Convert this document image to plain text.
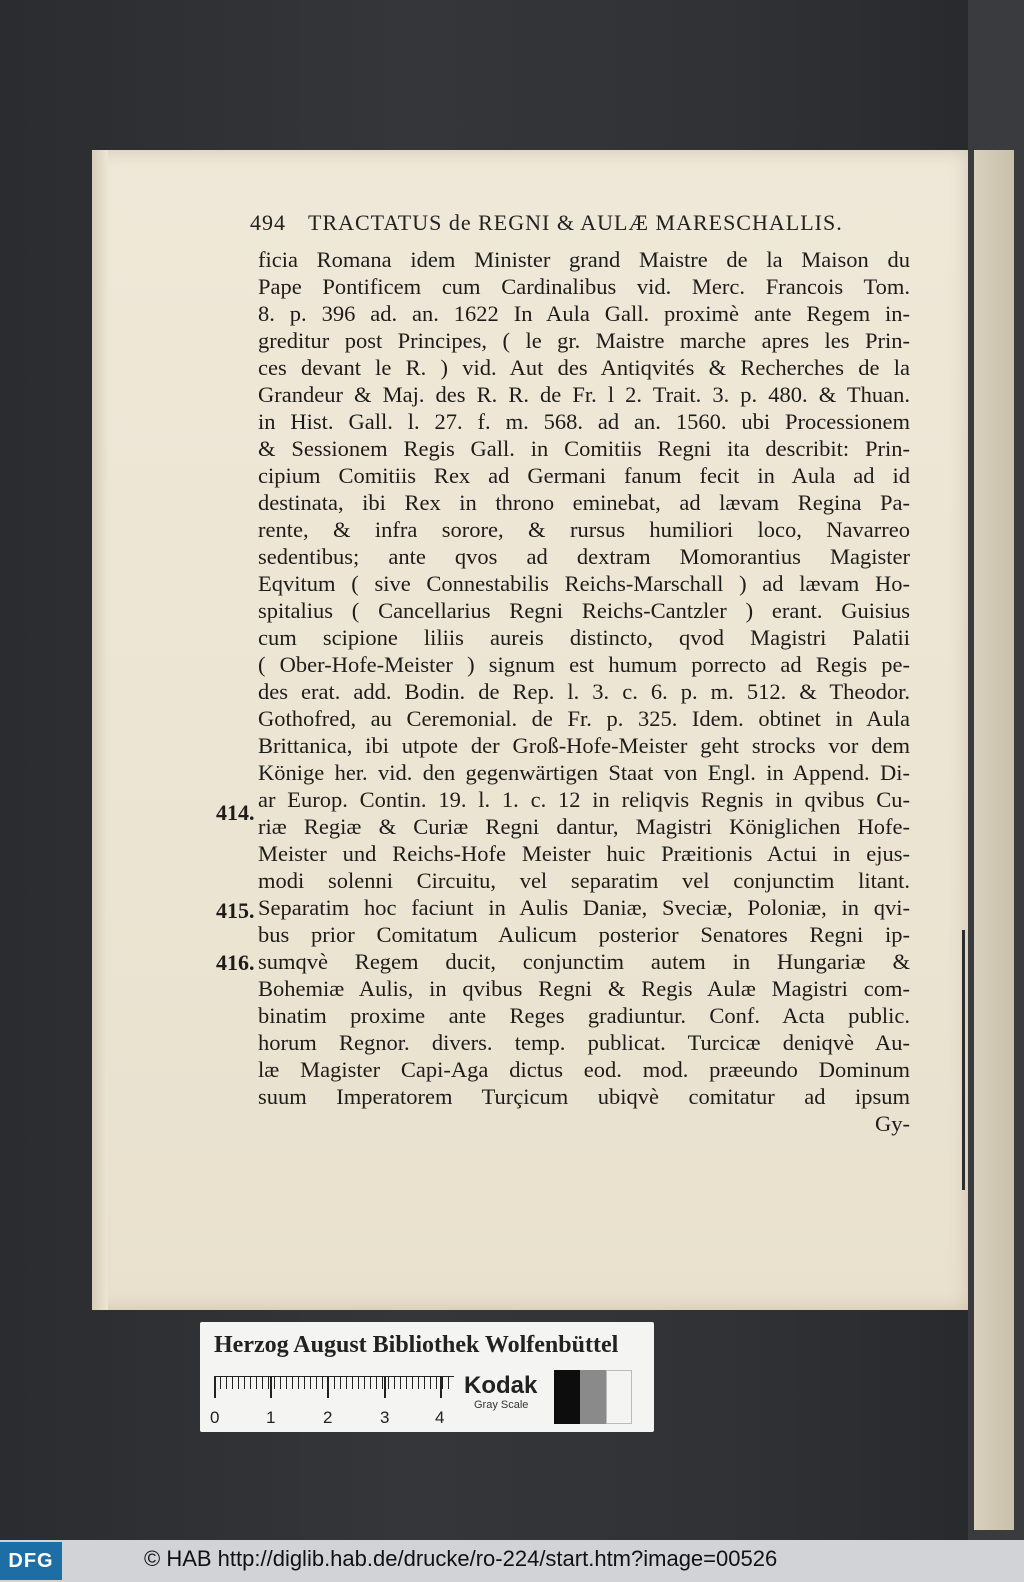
494 TRACTATUS de REGNI & AULÆ MARESCHALLIS.
ficia Romana idem Minister grand Maistre de la Maison du
Pape Pontificem cum Cardinalibus vid. Merc. Francois Tom.
8. p. 396 ad. an. 1622 In Aula Gall. proximè ante Regem in-
greditur post Principes, ( le gr. Maistre marche apres les Prin-
ces devant le R. ) vid. Aut des Antiqvités & Recherches de la
Grandeur & Maj. des R. R. de Fr. l 2. Trait. 3. p. 480. & Thuan.
in Hist. Gall. l. 27. f. m. 568. ad an. 1560. ubi Processionem
& Sessionem Regis Gall. in Comitiis Regni ita describit: Prin-
cipium Comitiis Rex ad Germani fanum fecit in Aula ad id
destinata, ibi Rex in throno eminebat, ad lævam Regina Pa-
rente, & infra sorore, & rursus humiliori loco, Navarreo
sedentibus; ante qvos ad dextram Momorantius Magister
Eqvitum ( sive Connestabilis Reichs-Marschall ) ad lævam Ho-
spitalius ( Cancellarius Regni Reichs-Cantzler ) erant. Guisius
cum scipione liliis aureis distincto, qvod Magistri Palatii
( Ober-Hofe-Meister ) signum est humum porrecto ad Regis pe-
des erat. add. Bodin. de Rep. l. 3. c. 6. p. m. 512. & Theodor.
Gothofred, au Ceremonial. de Fr. p. 325. Idem. obtinet in Aula
Brittanica, ibi utpote der Groß-Hofe-Meister geht strocks vor dem
Könige her. vid. den gegenwärtigen Staat von Engl. in Append. Di-
ar Europ. Contin. 19. l. 1. c. 12 in reliqvis Regnis in qvibus Cu-
riæ Regiæ & Curiæ Regni dantur, Magistri Königlichen Hofe-
Meister und Reichs-Hofe Meister huic Præitionis Actui in ejus-
modi solenni Circuitu, vel separatim vel conjunctim litant.
Separatim hoc faciunt in Aulis Daniæ, Sveciæ, Poloniæ, in qvi-
bus prior Comitatum Aulicum posterior Senatores Regni ip-
sumqvè Regem ducit, conjunctim autem in Hungariæ &
Bohemiæ Aulis, in qvibus Regni & Regis Aulæ Magistri com-
binatim proxime ante Reges gradiuntur. Conf. Acta public.
horum Regnor. divers. temp. publicat. Turcicæ deniqvè Au-
læ Magister Capi-Aga dictus eod. mod. præeundo Dominum
suum Imperatorem Turçicum ubiqvè comitatur ad ipsum
Gy-
414.
415.
416.
Herzog August Bibliothek Wolfenbüttel
0	1	2	3	4
Kodak
Gray Scale
DFG	© HAB http://diglib.hab.de/drucke/ro-224/start.htm?image=00526
